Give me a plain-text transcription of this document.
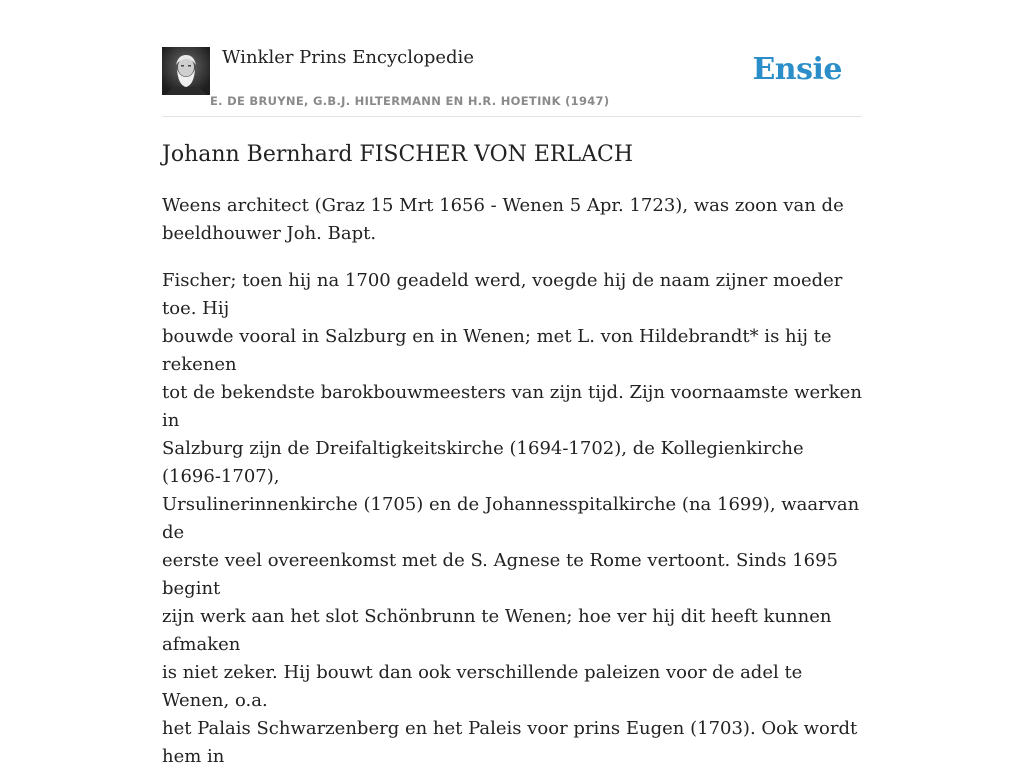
Winkler Prins Encyclopedie
E. DE BRUYNE, G.B.J. HILTERMANN EN H.R. HOETINK (1947)
Ensie
Johann Bernhard FISCHER VON ERLACH

Weens architect (Graz 15 Mrt 1656 - Wenen 5 Apr. 1723), was zoon van de
beeldhouwer Joh. Bapt.

Fischer; toen hij na 1700 geadeld werd, voegde hij de naam zijner moeder toe. Hij
bouwde vooral in Salzburg en in Wenen; met L. von Hildebrandt* is hij te rekenen
tot de bekendste barokbouwmeesters van zijn tijd. Zijn voornaamste werken in
Salzburg zijn de Dreifaltigkeitskirche (1694-1702), de Kollegienkirche (1696-1707),
Ursulinerinnenkirche (1705) en de Johannesspitalkirche (na 1699), waarvan de
eerste veel overeenkomst met de S. Agnese te Rome vertoont. Sinds 1695 begint
zijn werk aan het slot Schönbrunn te Wenen; hoe ver hij dit heeft kunnen afmaken
is niet zeker. Hij bouwt dan ook verschillende paleizen voor de adel te Wenen, o.a.
het Palais Schwarzenberg en het Paleis voor prins Eugen (1703). Ook wordt hem in
